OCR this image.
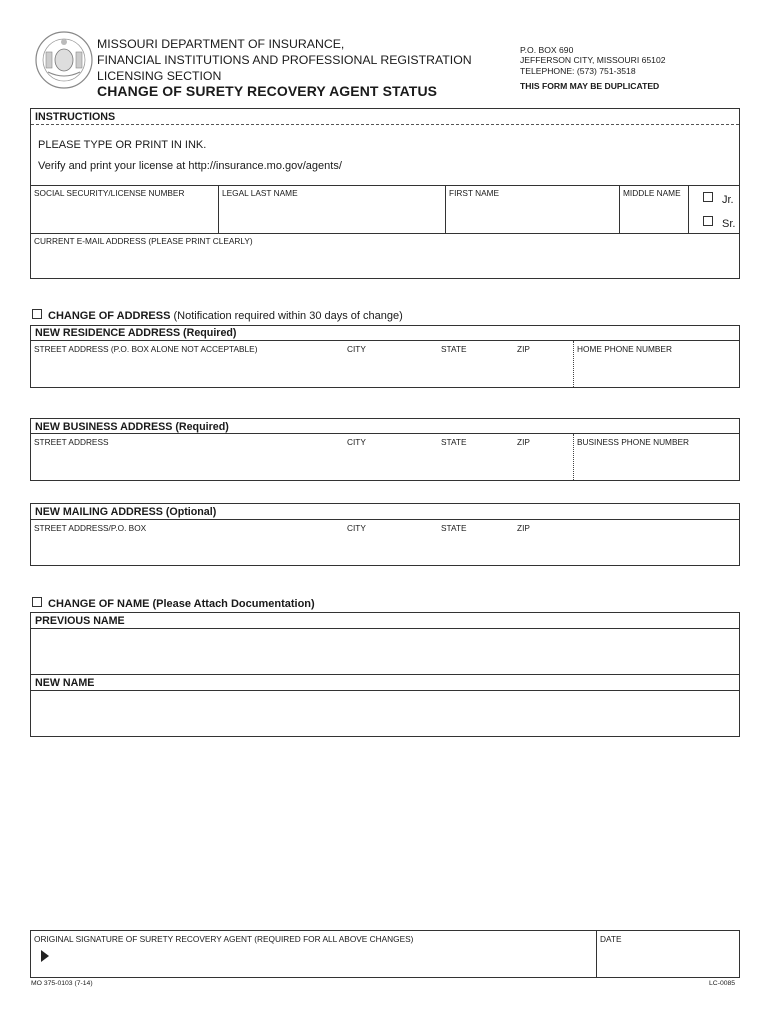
MISSOURI DEPARTMENT OF INSURANCE,
FINANCIAL INSTITUTIONS AND PROFESSIONAL REGISTRATION
LICENSING SECTION
CHANGE OF SURETY RECOVERY AGENT STATUS
P.O. BOX 690
JEFFERSON CITY, MISSOURI 65102
TELEPHONE: (573) 751-3518
THIS FORM MAY BE DUPLICATED
INSTRUCTIONS
PLEASE TYPE OR PRINT IN INK.
Verify and print your license at http://insurance.mo.gov/agents/
SOCIAL SECURITY/LICENSE NUMBER	LEGAL LAST NAME	FIRST NAME	MIDDLE NAME
Jr.
Sr.
CURRENT E-MAIL ADDRESS (PLEASE PRINT CLEARLY)
CHANGE OF ADDRESS (Notification required within 30 days of change)
NEW RESIDENCE ADDRESS (Required)
STREET ADDRESS (P.O. BOX ALONE NOT ACCEPTABLE)	CITY	STATE	ZIP	HOME PHONE NUMBER
NEW BUSINESS ADDRESS (Required)
STREET ADDRESS	CITY	STATE	ZIP	BUSINESS PHONE NUMBER
NEW MAILING ADDRESS (Optional)
STREET ADDRESS/P.O. BOX	CITY	STATE	ZIP
CHANGE OF NAME (Please Attach Documentation)
PREVIOUS NAME
NEW NAME
ORIGINAL SIGNATURE OF SURETY RECOVERY AGENT (REQUIRED FOR ALL ABOVE CHANGES)	DATE
MO 375-0103 (7-14)	LC-0085
